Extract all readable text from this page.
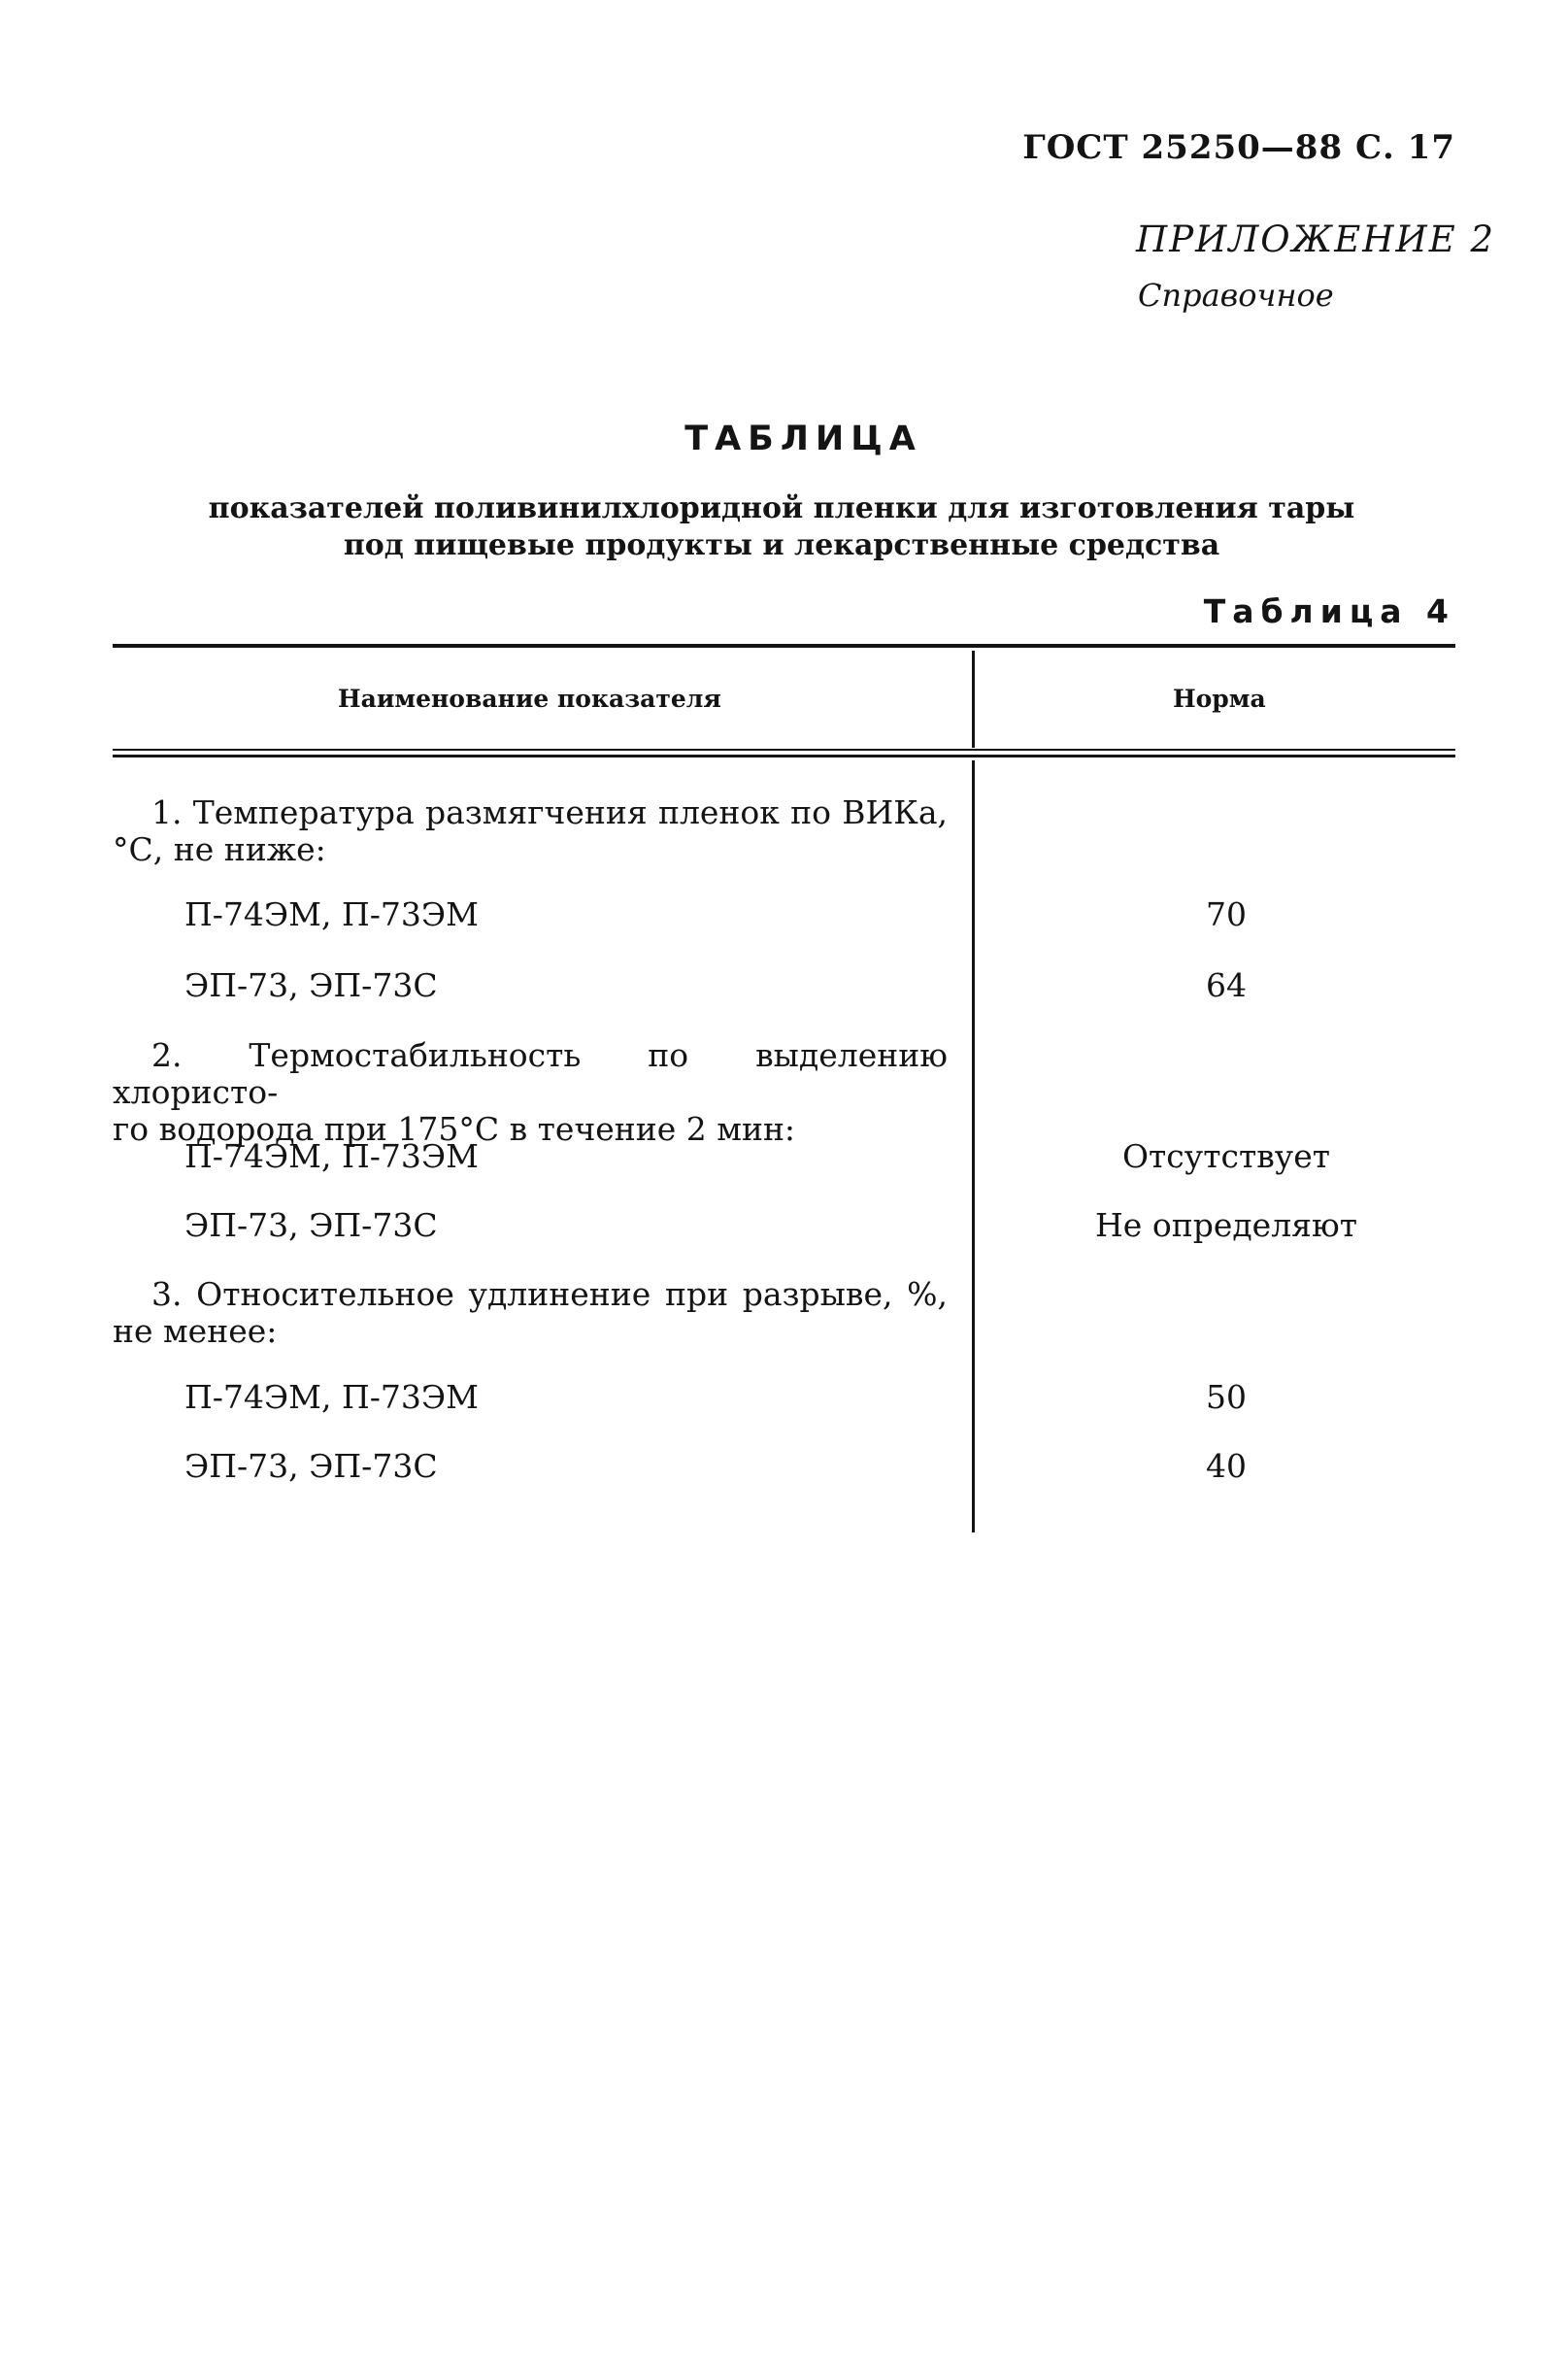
ГОСТ 25250—88 С. 17
ПРИЛОЖЕНИЕ 2
Справочное
ТАБЛИЦА
показателей поливинилхлоридной пленки для изготовления тары
под пищевые продукты и лекарственные средства
Таблица 4
Наименование показателя	Норма
1. Температура размягчения пленок по ВИКа,
°С, не ниже:
П-74ЭМ, П-73ЭМ	70
ЭП-73, ЭП-73С	64
2. Термостабильность по выделению хлористо-
го водорода при 175°С в течение 2 мин:
П-74ЭМ, П-73ЭМ	Отсутствует
ЭП-73, ЭП-73С	Не определяют
3. Относительное удлинение при разрыве, %,
не менее:
П-74ЭМ, П-73ЭМ	50
ЭП-73, ЭП-73С	40
